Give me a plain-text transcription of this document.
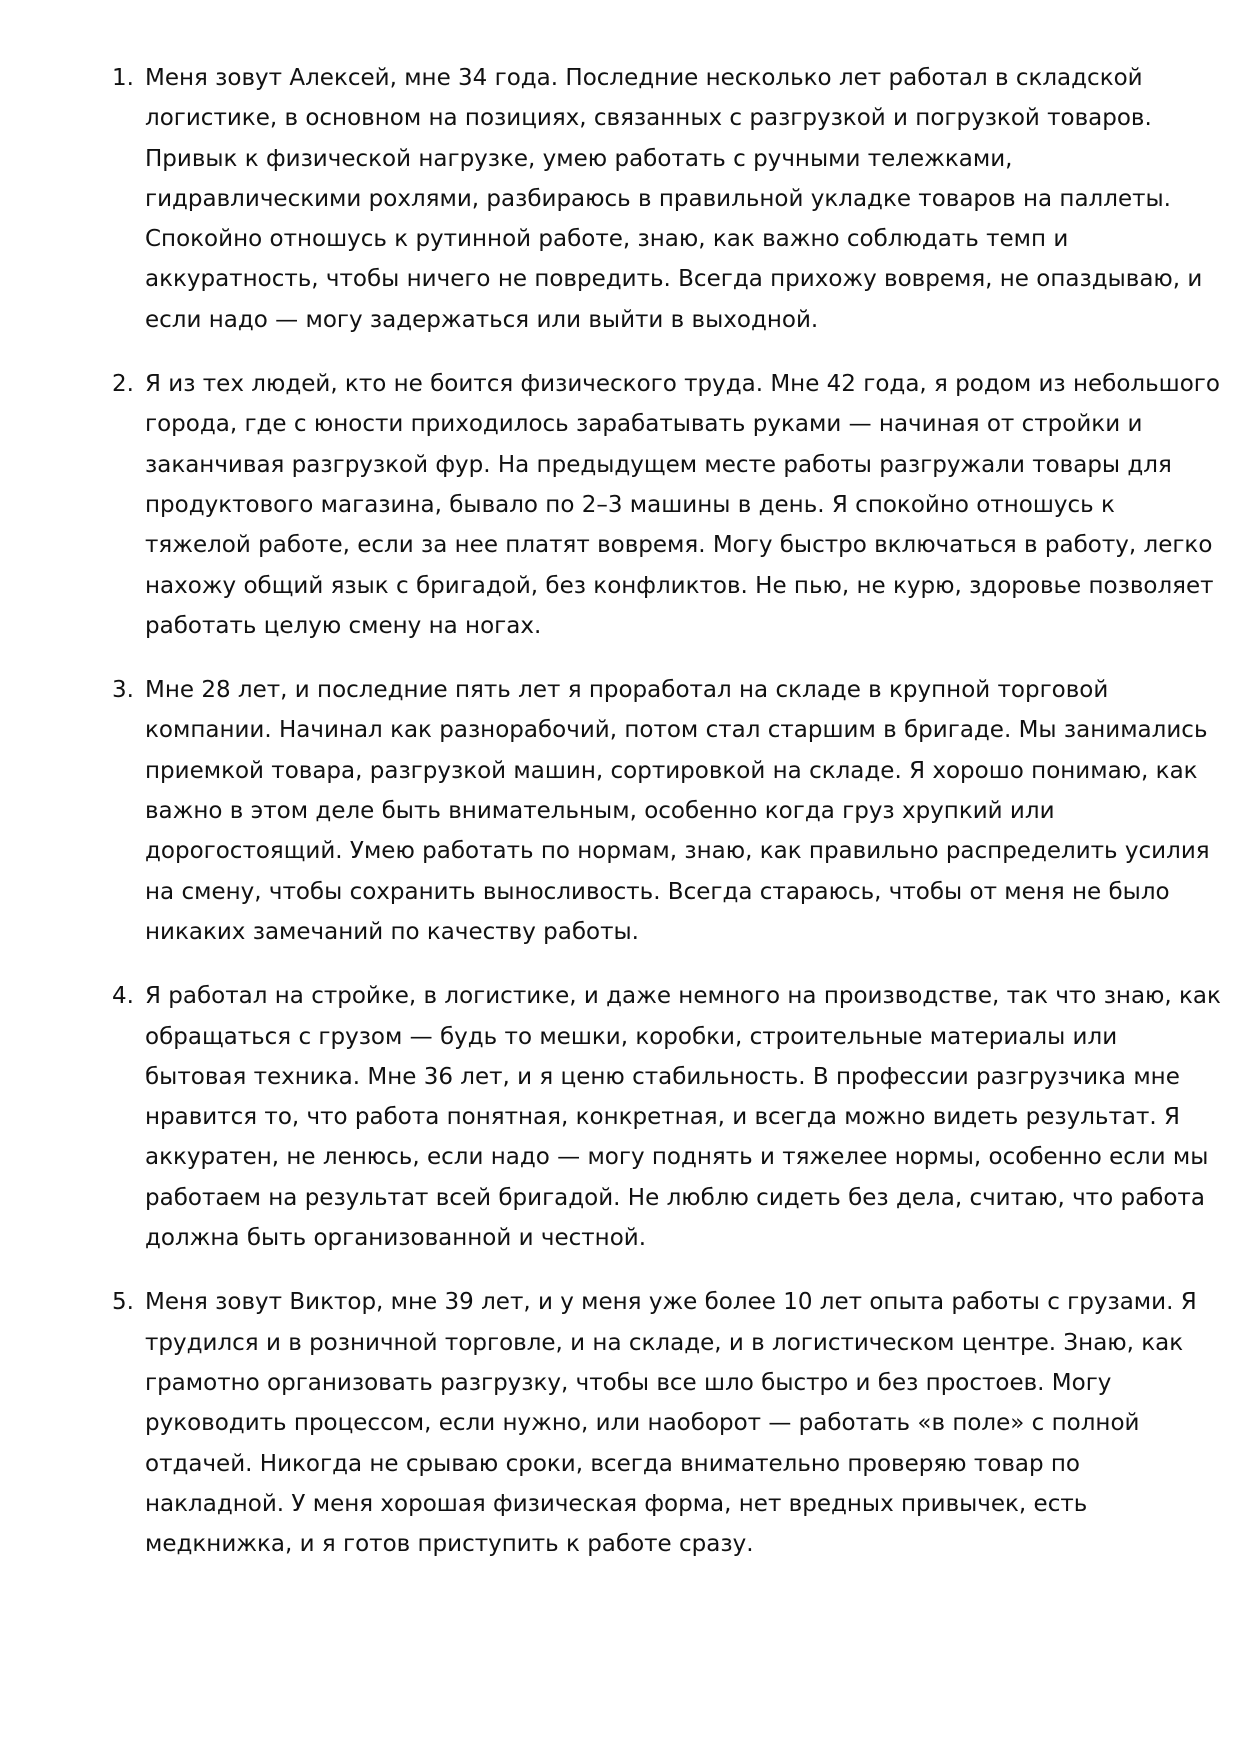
1. Меня зовут Алексей, мне 34 года. Последние несколько лет работал в складской
логистике, в основном на позициях, связанных с разгрузкой и погрузкой товаров.
Привык к физической нагрузке, умею работать с ручными тележками,
гидравлическими рохлями, разбираюсь в правильной укладке товаров на паллеты.
Спокойно отношусь к рутинной работе, знаю, как важно соблюдать темп и
аккуратность, чтобы ничего не повредить. Всегда прихожу вовремя, не опаздываю, и
если надо — могу задержаться или выйти в выходной.
2. Я из тех людей, кто не боится физического труда. Мне 42 года, я родом из небольшого
города, где с юности приходилось зарабатывать руками — начиная от стройки и
заканчивая разгрузкой фур. На предыдущем месте работы разгружали товары для
продуктового магазина, бывало по 2–3 машины в день. Я спокойно отношусь к
тяжелой работе, если за нее платят вовремя. Могу быстро включаться в работу, легко
нахожу общий язык с бригадой, без конфликтов. Не пью, не курю, здоровье позволяет
работать целую смену на ногах.
3. Мне 28 лет, и последние пять лет я проработал на складе в крупной торговой
компании. Начинал как разнорабочий, потом стал старшим в бригаде. Мы занимались
приемкой товара, разгрузкой машин, сортировкой на складе. Я хорошо понимаю, как
важно в этом деле быть внимательным, особенно когда груз хрупкий или
дорогостоящий. Умею работать по нормам, знаю, как правильно распределить усилия
на смену, чтобы сохранить выносливость. Всегда стараюсь, чтобы от меня не было
никаких замечаний по качеству работы.
4. Я работал на стройке, в логистике, и даже немного на производстве, так что знаю, как
обращаться с грузом — будь то мешки, коробки, строительные материалы или
бытовая техника. Мне 36 лет, и я ценю стабильность. В профессии разгрузчика мне
нравится то, что работа понятная, конкретная, и всегда можно видеть результат. Я
аккуратен, не ленюсь, если надо — могу поднять и тяжелее нормы, особенно если мы
работаем на результат всей бригадой. Не люблю сидеть без дела, считаю, что работа
должна быть организованной и честной.
5. Меня зовут Виктор, мне 39 лет, и у меня уже более 10 лет опыта работы с грузами. Я
трудился и в розничной торговле, и на складе, и в логистическом центре. Знаю, как
грамотно организовать разгрузку, чтобы все шло быстро и без простоев. Могу
руководить процессом, если нужно, или наоборот — работать «в поле» с полной
отдачей. Никогда не срываю сроки, всегда внимательно проверяю товар по
накладной. У меня хорошая физическая форма, нет вредных привычек, есть
медкнижка, и я готов приступить к работе сразу.
